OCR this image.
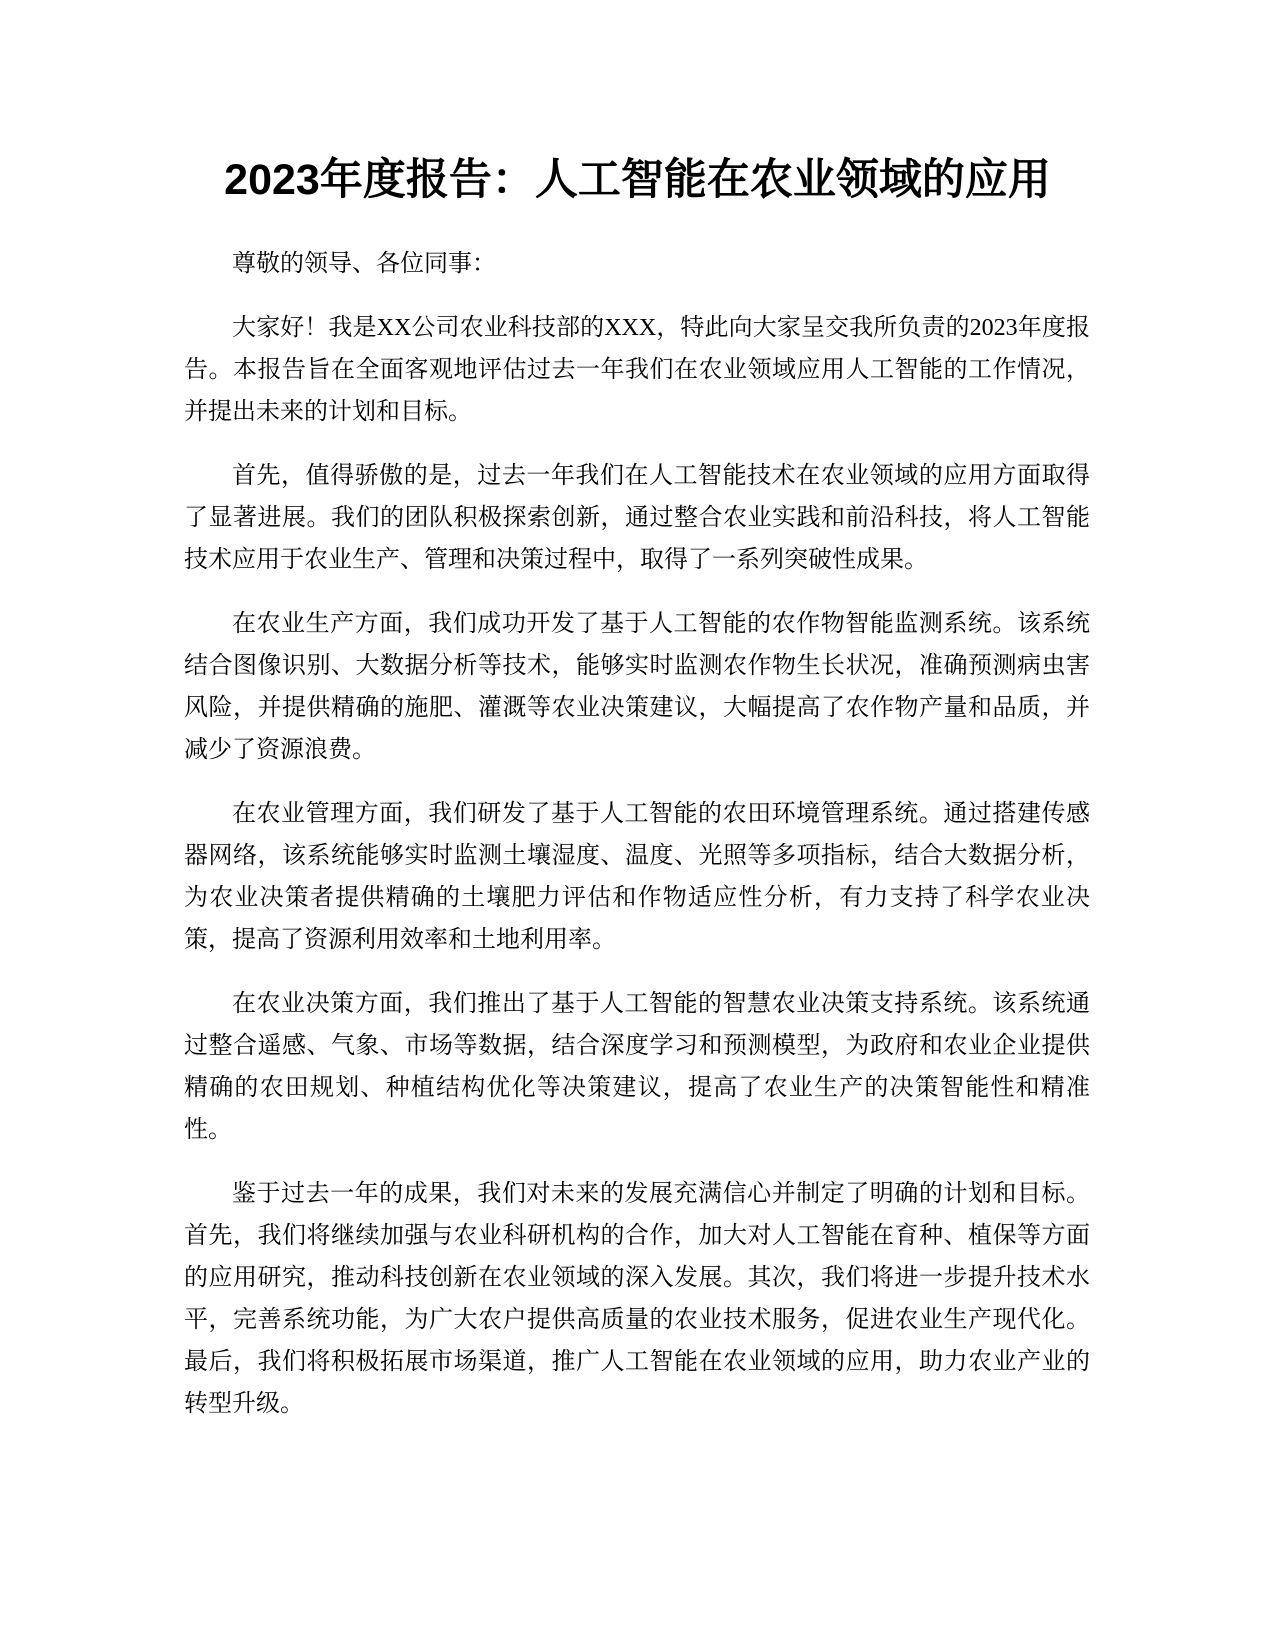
2023年度报告：人工智能在农业领域的应用

尊敬的领导、各位同事：

大家好！我是XX公司农业科技部的XXX，特此向大家呈交我所负责的2023年度报告。本报告旨在全面客观地评估过去一年我们在农业领域应用人工智能的工作情况，并提出未来的计划和目标。

首先，值得骄傲的是，过去一年我们在人工智能技术在农业领域的应用方面取得了显著进展。我们的团队积极探索创新，通过整合农业实践和前沿科技，将人工智能技术应用于农业生产、管理和决策过程中，取得了一系列突破性成果。

在农业生产方面，我们成功开发了基于人工智能的农作物智能监测系统。该系统结合图像识别、大数据分析等技术，能够实时监测农作物生长状况，准确预测病虫害风险，并提供精确的施肥、灌溉等农业决策建议，大幅提高了农作物产量和品质，并减少了资源浪费。

在农业管理方面，我们研发了基于人工智能的农田环境管理系统。通过搭建传感器网络，该系统能够实时监测土壤湿度、温度、光照等多项指标，结合大数据分析，为农业决策者提供精确的土壤肥力评估和作物适应性分析，有力支持了科学农业决策，提高了资源利用效率和土地利用率。

在农业决策方面，我们推出了基于人工智能的智慧农业决策支持系统。该系统通过整合遥感、气象、市场等数据，结合深度学习和预测模型，为政府和农业企业提供精确的农田规划、种植结构优化等决策建议，提高了农业生产的决策智能性和精准性。

鉴于过去一年的成果，我们对未来的发展充满信心并制定了明确的计划和目标。首先，我们将继续加强与农业科研机构的合作，加大对人工智能在育种、植保等方面的应用研究，推动科技创新在农业领域的深入发展。其次，我们将进一步提升技术水平，完善系统功能，为广大农户提供高质量的农业技术服务，促进农业生产现代化。最后，我们将积极拓展市场渠道，推广人工智能在农业领域的应用，助力农业产业的转型升级。
